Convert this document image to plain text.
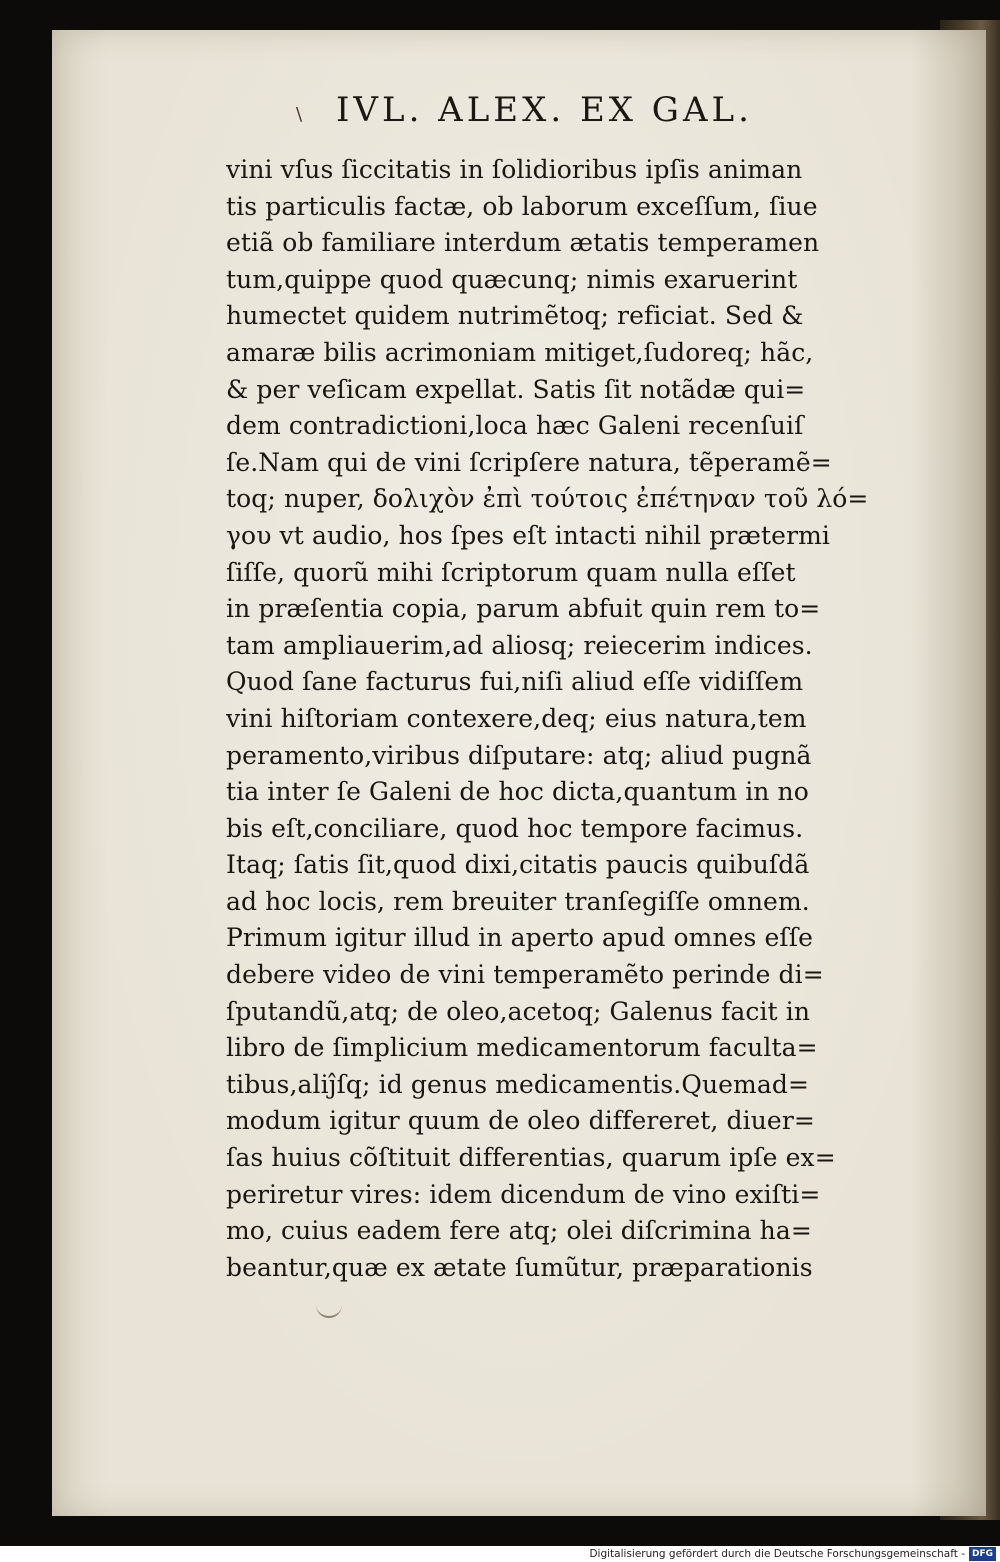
\ IVL. ALEX. EX GAL.
vini vſus ſiccitatis in ſolidioribus ipſis animan
tis particulis factæ, ob laborum exceſſum, ſiue
etiã ob familiare interdum ætatis temperamen
tum,quippe quod quæcunq; nimis exaruerint
humectet quidem nutrimẽtoq; reficiat. Sed &
amaræ bilis acrimoniam mitiget,ſudoreq; hãc,
& per veſicam expellat. Satis ſit notãdæ qui=
dem contradictioni,loca hæc Galeni recenſuiſ
ſe.Nam qui de vini ſcripſere natura, tẽperamẽ=
toq; nuper, δολιχὸν ἐπὶ τούτοις ἐπέτηναν τοῦ λό=
γου vt audio, hos ſpes eſt intacti nihil prætermi
ſiſſe, quorũ mihi ſcriptorum quam nulla eſſet
in præſentia copia, parum abfuit quin rem to=
tam ampliauerim,ad aliosq; reiecerim indices.
Quod ſane facturus fui,niſi aliud eſſe vidiſſem
vini hiſtoriam contexere,deq; eius natura,tem
peramento,viribus diſputare: atq; aliud pugnã
tia inter ſe Galeni de hoc dicta,quantum in no
bis eſt,conciliare, quod hoc tempore facimus.
Itaq; ſatis ſit,quod dixi,citatis paucis quibuſdã
ad hoc locis, rem breuiter tranſegiſſe omnem.
Primum igitur illud in aperto apud omnes eſſe
debere video de vini temperamẽto perinde di=
ſputandũ,atq; de oleo,acetoq; Galenus facit in
libro de ſimplicium medicamentorum faculta=
tibus,aliĵſq; id genus medicamentis.Quemad=
modum igitur quum de oleo differeret, diuer=
ſas huius cõſtituit differentias, quarum ipſe ex=
periretur vires: idem dicendum de vino exiſti=
mo, cuius eadem fere atq; olei diſcrimina ha=
beantur,quæ ex ætate ſumũtur, præparationis
Digitalisierung gefördert durch die Deutsche Forschungsgemeinschaft - DFG
